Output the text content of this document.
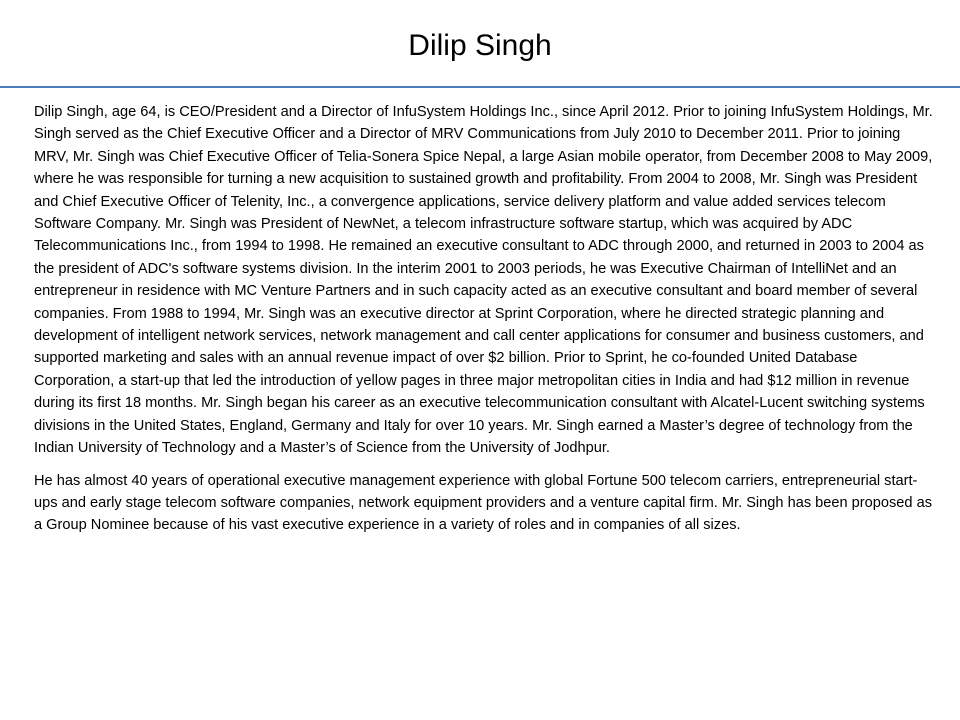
Dilip Singh

Dilip Singh, age 64, is CEO/President and a Director of InfuSystem Holdings Inc., since April 2012. Prior to joining InfuSystem Holdings, Mr. Singh served as the Chief Executive Officer and a Director of MRV Communications from July 2010 to December 2011. Prior to joining MRV, Mr. Singh was Chief Executive Officer of Telia-Sonera Spice Nepal, a large Asian mobile operator, from December 2008 to May 2009, where he was responsible for turning a new acquisition to sustained growth and profitability. From 2004 to 2008, Mr. Singh was President and Chief Executive Officer of Telenity, Inc., a convergence applications, service delivery platform and value added services telecom Software Company. Mr. Singh was President of NewNet, a telecom infrastructure software startup, which was acquired by ADC Telecommunications Inc., from 1994 to 1998. He remained an executive consultant to ADC through 2000, and returned in 2003 to 2004 as the president of ADC's software systems division. In the interim 2001 to 2003 periods, he was Executive Chairman of IntelliNet and an entrepreneur in residence with MC Venture Partners and in such capacity acted as an executive consultant and board member of several companies. From 1988 to 1994, Mr. Singh was an executive director at Sprint Corporation, where he directed strategic planning and development of intelligent network services, network management and call center applications for consumer and business customers, and supported marketing and sales with an annual revenue impact of over $2 billion. Prior to Sprint, he co-founded United Database Corporation, a start-up that led the introduction of yellow pages in three major metropolitan cities in India and had $12 million in revenue during its first 18 months. Mr. Singh began his career as an executive telecommunication consultant with Alcatel-Lucent switching systems divisions in the United States, England, Germany and Italy for over 10 years. Mr. Singh earned a Master’s degree of technology from the Indian University of Technology and a Master’s of Science from the University of Jodhpur.

He has almost 40 years of operational executive management experience with global Fortune 500 telecom carriers, entrepreneurial start-ups and early stage telecom software companies, network equipment providers and a venture capital firm. Mr. Singh has been proposed as a Group Nominee because of his vast executive experience in a variety of roles and in companies of all sizes.
